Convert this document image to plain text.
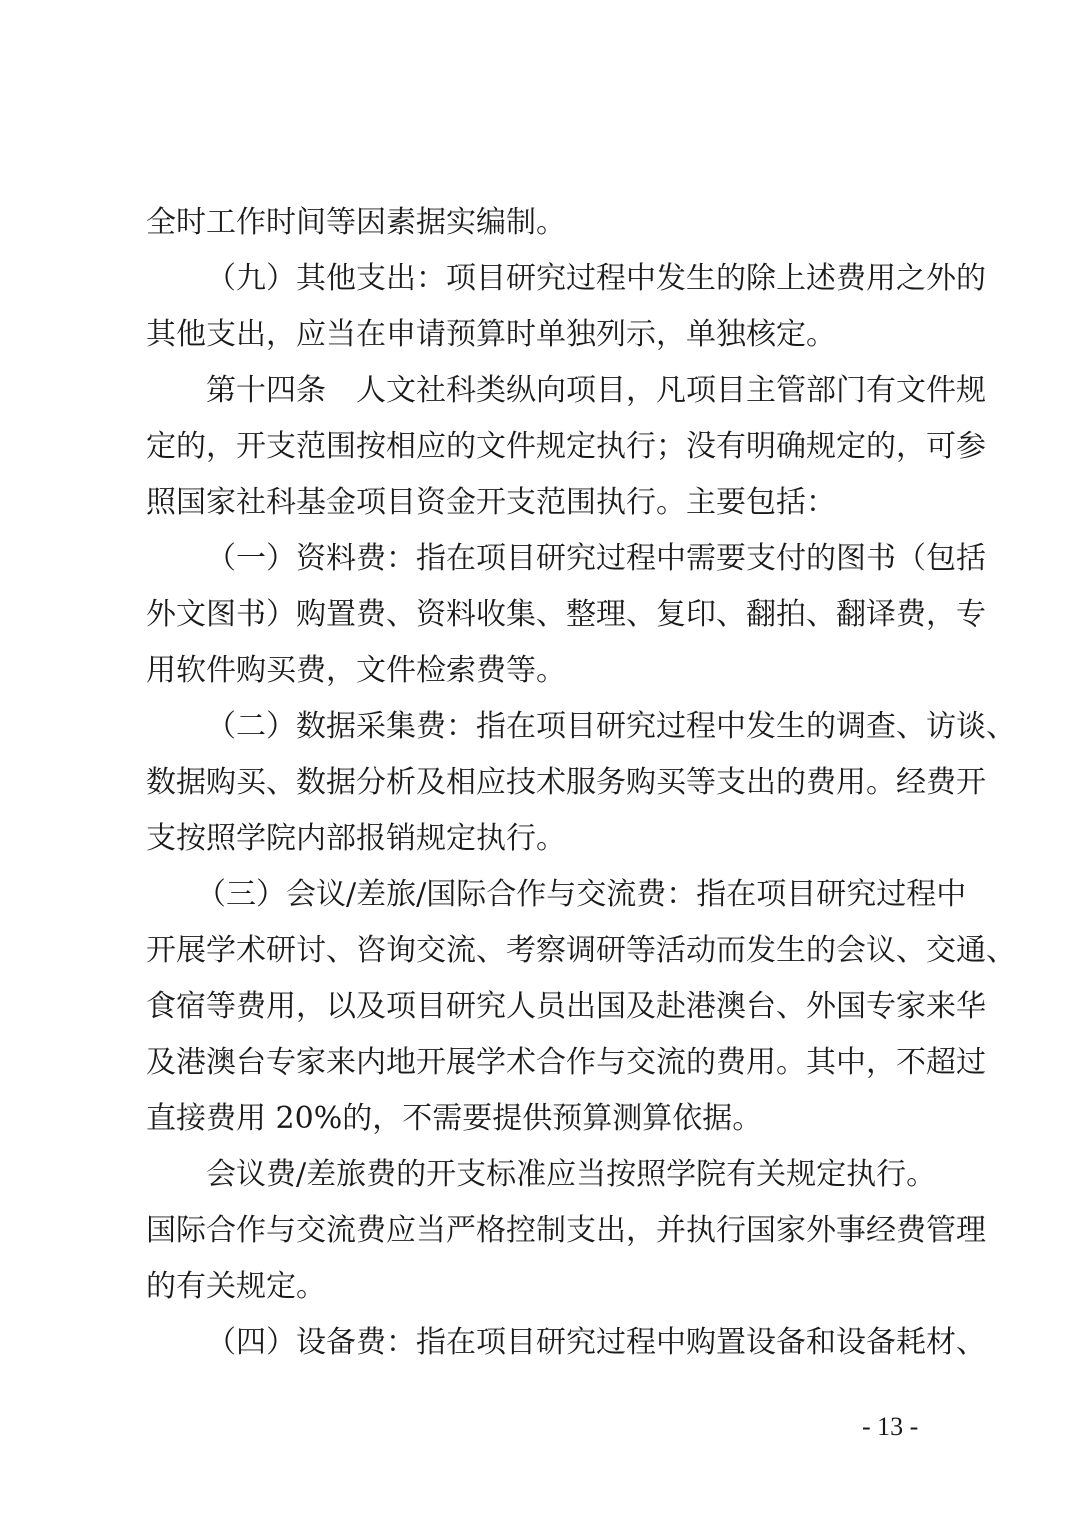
全时工作时间等因素据实编制。
（九）其他支出：项目研究过程中发生的除上述费用之外的
其他支出，应当在申请预算时单独列示，单独核定。
第十四条　人文社科类纵向项目，凡项目主管部门有文件规
定的，开支范围按相应的文件规定执行；没有明确规定的，可参
照国家社科基金项目资金开支范围执行。主要包括：
（一）资料费：指在项目研究过程中需要支付的图书（包括
外文图书）购置费、资料收集、整理、复印、翻拍、翻译费，专
用软件购买费，文件检索费等。
（二）数据采集费：指在项目研究过程中发生的调查、访谈、
数据购买、数据分析及相应技术服务购买等支出的费用。经费开
支按照学院内部报销规定执行。
（三）会议/差旅/国际合作与交流费：指在项目研究过程中
开展学术研讨、咨询交流、考察调研等活动而发生的会议、交通、
食宿等费用，以及项目研究人员出国及赴港澳台、外国专家来华
及港澳台专家来内地开展学术合作与交流的费用。其中，不超过
直接费用 20%的，不需要提供预算测算依据。
会议费/差旅费的开支标准应当按照学院有关规定执行。
国际合作与交流费应当严格控制支出，并执行国家外事经费管理
的有关规定。
（四）设备费：指在项目研究过程中购置设备和设备耗材、
- 13 -
